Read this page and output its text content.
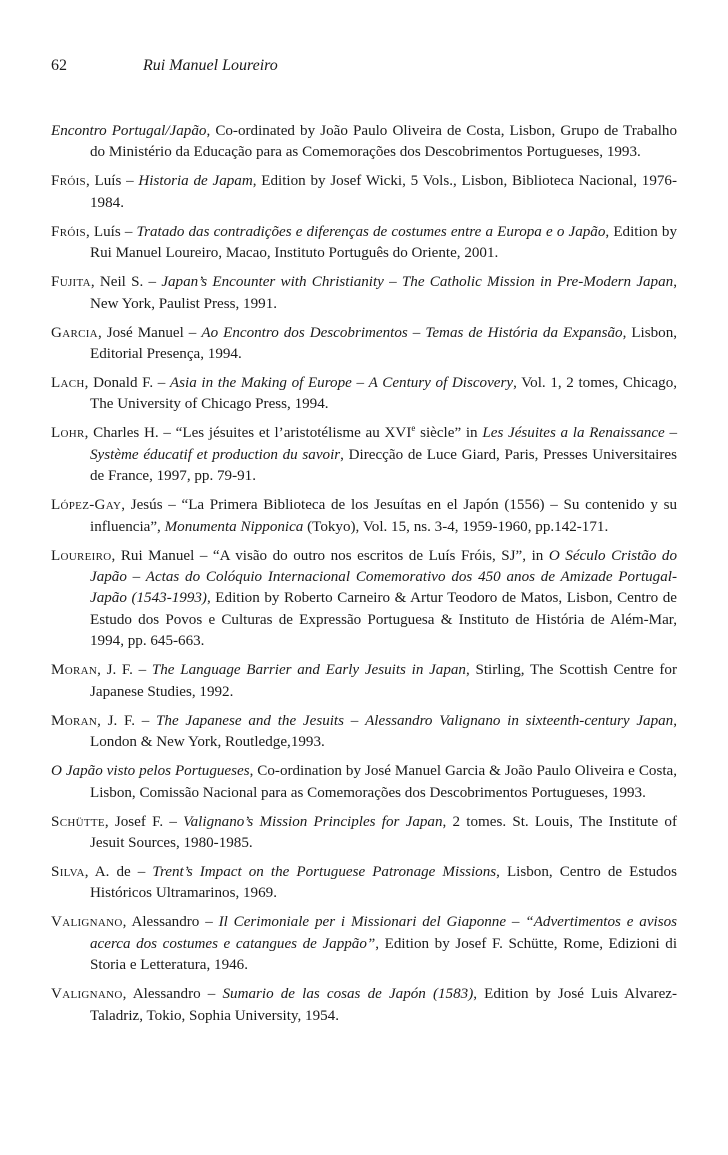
62	Rui Manuel Loureiro

Encontro Portugal/Japão, Co-ordinated by João Paulo Oliveira de Costa, Lisbon, Grupo de Trabalho do Ministério da Educação para as Comemorações dos Descobrimentos Portugueses, 1993.

Fróis, Luís – Historia de Japam, Edition by Josef Wicki, 5 Vols., Lisbon, Biblioteca Nacional, 1976-1984.

Fróis, Luís – Tratado das contradições e diferenças de costumes entre a Europa e o Japão, Edition by Rui Manuel Loureiro, Macao, Instituto Português do Oriente, 2001.

Fujita, Neil S. – Japan’s Encounter with Christianity – The Catholic Mission in Pre-Modern Japan, New York, Paulist Press, 1991.

Garcia, José Manuel – Ao Encontro dos Descobrimentos – Temas de História da Expansão, Lisbon, Editorial Presença, 1994.

Lach, Donald F. – Asia in the Making of Europe – A Century of Discovery, Vol. 1, 2 tomes, Chicago, The University of Chicago Press, 1994.

Lohr, Charles H. – “Les jésuites et l’aristotélisme au XVIe siècle” in Les Jésuites a la Renaissance – Système éducatif et production du savoir, Direcção de Luce Giard, Paris, Presses Universitaires de France, 1997, pp. 79-91.

López-Gay, Jesús – “La Primera Biblioteca de los Jesuítas en el Japón (1556) – Su contenido y su influencia”, Monumenta Nipponica (Tokyo), Vol. 15, ns. 3-4, 1959-1960, pp.142-171.

Loureiro, Rui Manuel – “A visão do outro nos escritos de Luís Fróis, SJ”, in O Século Cristão do Japão – Actas do Colóquio Internacional Comemorativo dos 450 anos de Amizade Portugal-Japão (1543-1993), Edition by Roberto Carneiro & Artur Teodoro de Matos, Lisbon, Centro de Estudo dos Povos e Culturas de Expressão Portuguesa & Instituto de História de Além-Mar, 1994, pp. 645-663.

Moran, J. F. – The Language Barrier and Early Jesuits in Japan, Stirling, The Scottish Centre for Japanese Studies, 1992.

Moran, J. F. – The Japanese and the Jesuits – Alessandro Valignano in sixteenth-century Japan, London & New York, Routledge,1993.

O Japão visto pelos Portugueses, Co-ordination by José Manuel Garcia & João Paulo Oliveira e Costa, Lisbon, Comissão Nacional para as Comemorações dos Descobrimentos Portugueses, 1993.

Schütte, Josef F. – Valignano’s Mission Principles for Japan, 2 tomes. St. Louis, The Institute of Jesuit Sources, 1980-1985.

Silva, A. de – Trent’s Impact on the Portuguese Patronage Missions, Lisbon, Centro de Estudos Históricos Ultramarinos, 1969.

Valignano, Alessandro – Il Cerimoniale per i Missionari del Giaponne – “Advertimentos e avisos acerca dos costumes e catangues de Jappão”, Edition by Josef F. Schütte, Rome, Edizioni di Storia e Letteratura, 1946.

Valignano, Alessandro – Sumario de las cosas de Japón (1583), Edition by José Luis Alvarez-Taladriz, Tokio, Sophia University, 1954.
